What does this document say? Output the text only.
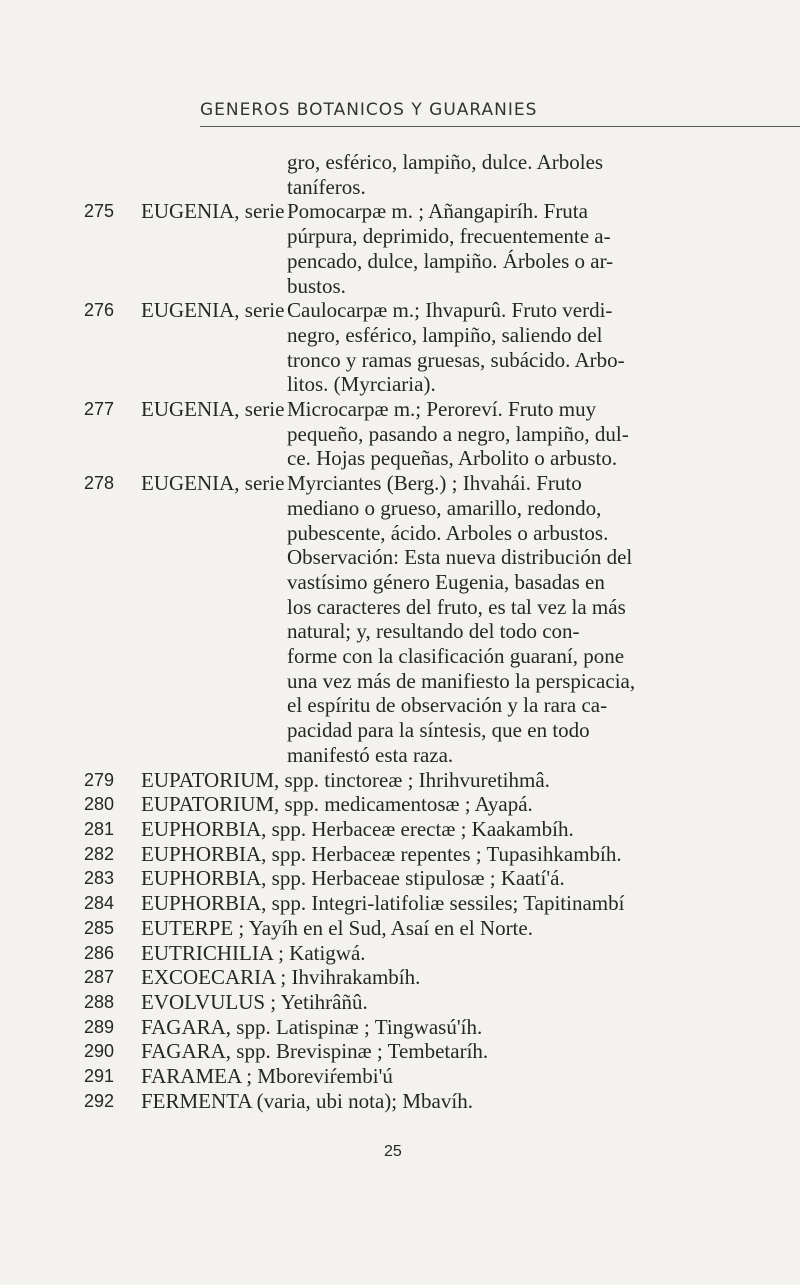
GENEROS BOTANICOS Y GUARANIES
gro, esférico, lampiño, dulce. Arboles
taníferos.
275 EUGENIA, serie Pomocarpæ m. ; Añangapiríh. Fruta
púrpura, deprimido, frecuentemente a-
pencado, dulce, lampiño. Árboles o ar-
bustos.
276 EUGENIA, serie Caulocarpæ m.; Ihvapurû. Fruto verdi-
negro, esférico, lampiño, saliendo del
tronco y ramas gruesas, subácido. Arbo-
litos. (Myrciaria).
277 EUGENIA, serie Microcarpæ m.; Peroreví. Fruto muy
pequeño, pasando a negro, lampiño, dul-
ce. Hojas pequeñas, Arbolito o arbusto.
278 EUGENIA, serie Myrciantes (Berg.) ; Ihvahái. Fruto
mediano o grueso, amarillo, redondo,
pubescente, ácido. Arboles o arbustos.
Observación: Esta nueva distribución del
vastísimo género Eugenia, basadas en
los caracteres del fruto, es tal vez la más
natural; y, resultando del todo con-
forme con la clasificación guaraní, pone
una vez más de manifiesto la perspicacia,
el espíritu de observación y la rara ca-
pacidad para la síntesis, que en todo
manifestó esta raza.
279 EUPATORIUM, spp. tinctoreæ ; Ihrihvuretihmâ.
280 EUPATORIUM, spp. medicamentosæ ; Ayapá.
281 EUPHORBIA, spp. Herbaceæ erectæ ; Kaakambíh.
282 EUPHORBIA, spp. Herbaceæ repentes ; Tupasihkambíh.
283 EUPHORBIA, spp. Herbaceae stipulosæ ; Kaatí'á.
284 EUPHORBIA, spp. Integri-latifoliæ sessiles; Tapitinambí
285 EUTERPE ; Yayíh en el Sud, Asaí en el Norte.
286 EUTRICHILIA ; Katigwá.
287 EXCOECARIA ; Ihvihrakambíh.
288 EVOLVULUS ; Yetihrâñû.
289 FAGARA, spp. Latispinæ ; Tingwasú'íh.
290 FAGARA, spp. Brevispinæ ; Tembetaríh.
291 FARAMEA ; Mboreviŕembi'ú
292 FERMENTA (varia, ubi nota); Mbavíh.
25
